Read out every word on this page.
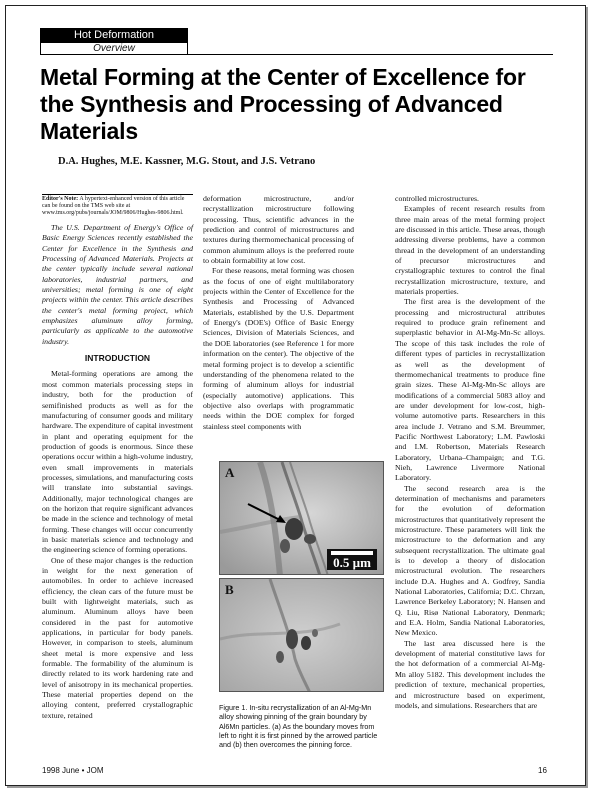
Hot Deformation
Overview
Metal Forming at the Center of Excellence for the Synthesis and Processing of Advanced Materials
D.A. Hughes, M.E. Kassner, M.G. Stout, and J.S. Vetrano
Editor's Note: A hypertext-enhanced version of this article can be found on the TMS web site at www.tms.org/pubs/journals/JOM/9806/Hughes-9806.html.

The U.S. Department of Energy's Office of Basic Energy Sciences recently established the Center for Excellence in the Synthesis and Processing of Advanced Materials. Projects at the center typically include several national laboratories, industrial partners, and universities; metal forming is one of eight projects within the center. This article describes the center's metal forming project, which emphasizes aluminum alloy forming, particularly as applicable to the automotive industry.

INTRODUCTION

Metal-forming operations are among the most common materials processing steps in industry, both for the production of semifinished products as well as for the manufacturing of consumer goods and military hardware. The expenditure of capital investment in plant and operating equipment for the production of goods is enormous. Since these operations occur within a high-volume industry, even small improvements in materials processes, simulations, and manufacturing costs will translate into substantial savings. Additionally, major technological changes are on the horizon that require significant advances be made in the science and technology of metal forming. These changes will occur concurrently in basic materials science and technology and the engineering science of forming operations.

One of these major changes is the reduction in weight for the next generation of automobiles. In order to achieve increased efficiency, the clean cars of the future must be built with lightweight materials, such as aluminum. Aluminum alloys have been considered in the past for automotive applications, in particular for body panels. However, in comparison to steels, aluminum sheet metal is more expensive and less formable. The formability of the aluminum is directly related to its work hardening rate and level of anisotropy in its mechanical properties. These material properties depend on the alloying content, preferred crystallographic texture, retained

deformation microstructure, and/or recrystallization microstructure following processing. Thus, scientific advances in the prediction and control of microstructures and textures during thermomechanical processing of common aluminum alloys is the preferred route to obtain formability at low cost.

For these reasons, metal forming was chosen as the focus of one of eight multilaboratory projects within the Center of Excellence for the Synthesis and Processing of Advanced Materials, established by the U.S. Department of Energy's (DOE's) Office of Basic Energy Sciences, Division of Materials Sciences, and the DOE laboratories (see Reference 1 for more information on the center). The objective of the metal forming project is to develop a scientific understanding of the phenomena related to the forming of aluminum alloys for industrial (especially automotive) applications. This objective also overlaps with programmatic needs within the DOE complex for forged stainless steel components with

A
0.5 µm
B
Figure 1. In-situ recrystallization of an Al-Mg-Mn alloy showing pinning of the grain boundary by Al6Mn particles. (a) As the boundary moves from left to right it is first pinned by the arrowed particle and (b) then overcomes the pinning force.

controlled microstructures.

Examples of recent research results from three main areas of the metal forming project are discussed in this article. These areas, though addressing diverse problems, have a common thread in the development of an understanding of precursor microstructures and crystallographic textures to control the final recrystallization microstructure, texture, and materials properties.

The first area is the development of the processing and microstructural attributes required to produce grain refinement and superplastic behavior in Al-Mg-Mn-Sc alloys. The scope of this task includes the role of different types of particles in recrystallization as well as the development of thermomechanical treatments to produce fine grain sizes. These Al-Mg-Mn-Sc alloys are modifications of a commercial 5083 alloy and are under development for low-cost, high-volume automotive parts. Researchers in this area include J. Vetrano and S.M. Breummer, Pacific Northwest Laboratory; L.M. Pawloski and I.M. Robertson, Materials Research Laboratory, Urbana–Champaign; and T.G. Nieh, Lawrence Livermore National Laboratory.

The second research area is the determination of mechanisms and parameters for the evolution of deformation microstructures that quantitatively represent the microstructure. These parameters will link the microstructure to the deformation and any subsequent recrystallization. The ultimate goal is to develop a theory of dislocation microstructural evolution. The researchers include D.A. Hughes and A. Godfrey, Sandia National Laboratories, California; D.C. Chrzan, Lawrence Berkeley Laboratory; N. Hansen and Q. Liu, Risø National Laboratory, Denmark; and E.A. Holm, Sandia National Laboratories, New Mexico.

The last area discussed here is the development of material constitutive laws for the hot deformation of a commercial Al-Mg-Mn alloy 5182. This development includes the prediction of texture, mechanical properties, and microstructure based on experiment, models, and simulations. Researchers that are

1998 June • JOM	16
